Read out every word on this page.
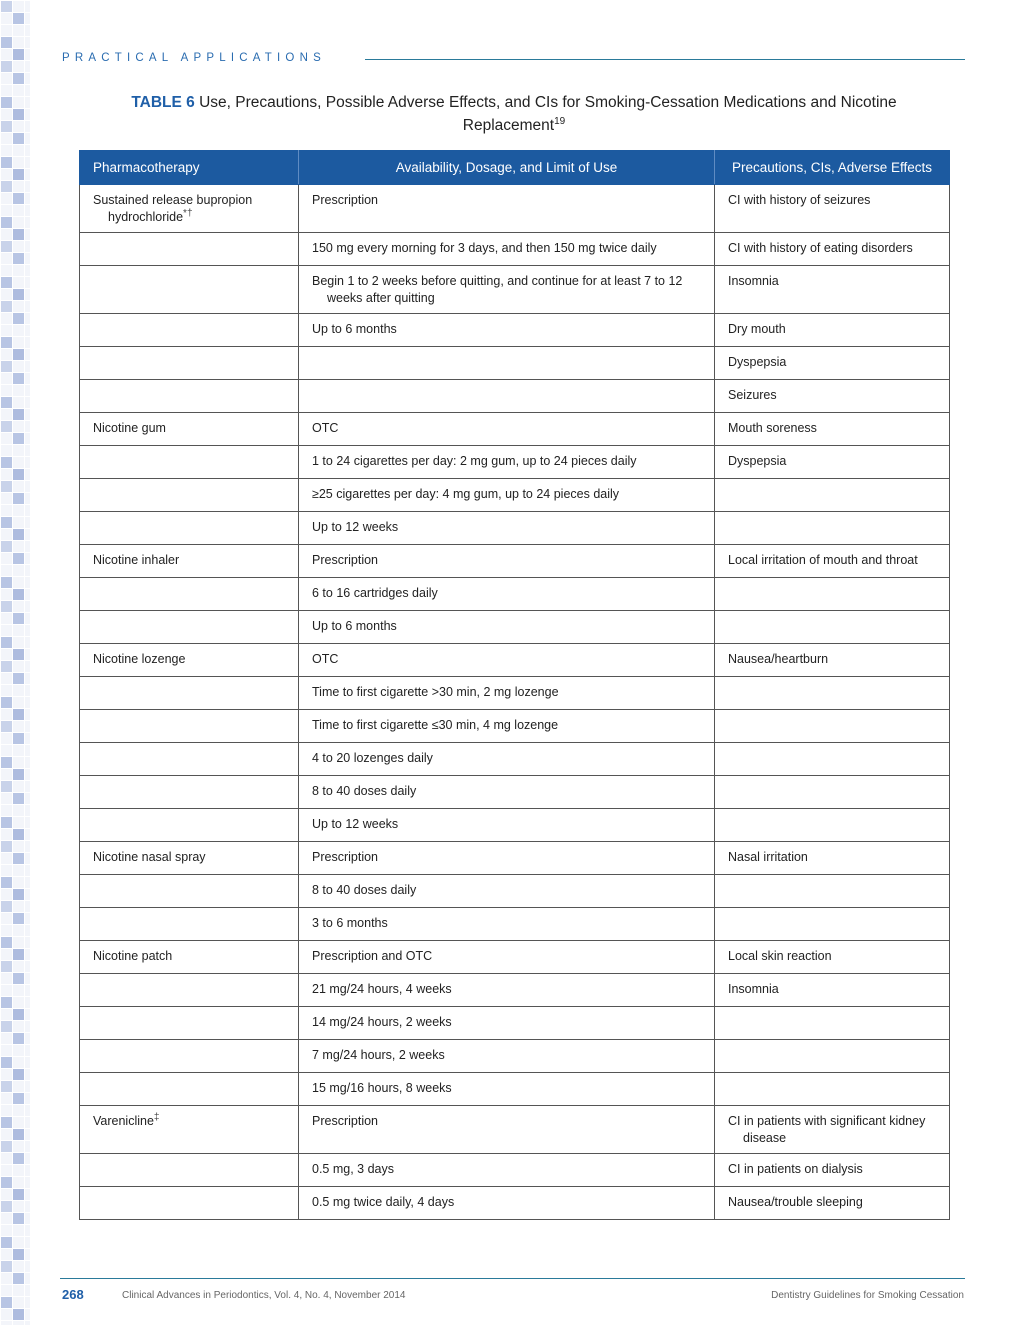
PRACTICAL APPLICATIONS
TABLE 6 Use, Precautions, Possible Adverse Effects, and CIs for Smoking-Cessation Medications and Nicotine Replacement$^{19}$
Pharmacotherapy	Availability, Dosage, and Limit of Use	Precautions, CIs, Adverse Effects

Sustained release bupropion hydrochloride*†	Prescription	CI with history of seizures

	150 mg every morning for 3 days, and then 150 mg twice daily	CI with history of eating disorders

	Begin 1 to 2 weeks before quitting, and continue for at least 7 to 12 weeks after quitting	Insomnia

	Up to 6 months	Dry mouth

		Dyspepsia

		Seizures

Nicotine gum	OTC	Mouth soreness

	1 to 24 cigarettes per day: 2 mg gum, up to 24 pieces daily	Dyspepsia

	≥25 cigarettes per day: 4 mg gum, up to 24 pieces daily	

	Up to 12 weeks	

Nicotine inhaler	Prescription	Local irritation of mouth and throat

	6 to 16 cartridges daily	

	Up to 6 months	

Nicotine lozenge	OTC	Nausea/heartburn

	Time to first cigarette >30 min, 2 mg lozenge	

	Time to first cigarette ≤30 min, 4 mg lozenge	

	4 to 20 lozenges daily	

	8 to 40 doses daily	

	Up to 12 weeks	

Nicotine nasal spray	Prescription	Nasal irritation

	8 to 40 doses daily	

	3 to 6 months	

Nicotine patch	Prescription and OTC	Local skin reaction

	21 mg/24 hours, 4 weeks	Insomnia

	14 mg/24 hours, 2 weeks	

	7 mg/24 hours, 2 weeks	

	15 mg/16 hours, 8 weeks	

Varenicline‡	Prescription	CI in patients with significant kidney disease

	0.5 mg, 3 days	CI in patients on dialysis

	0.5 mg twice daily, 4 days	Nausea/trouble sleeping
268	Clinical Advances in Periodontics, Vol. 4, No. 4, November 2014	Dentistry Guidelines for Smoking Cessation
